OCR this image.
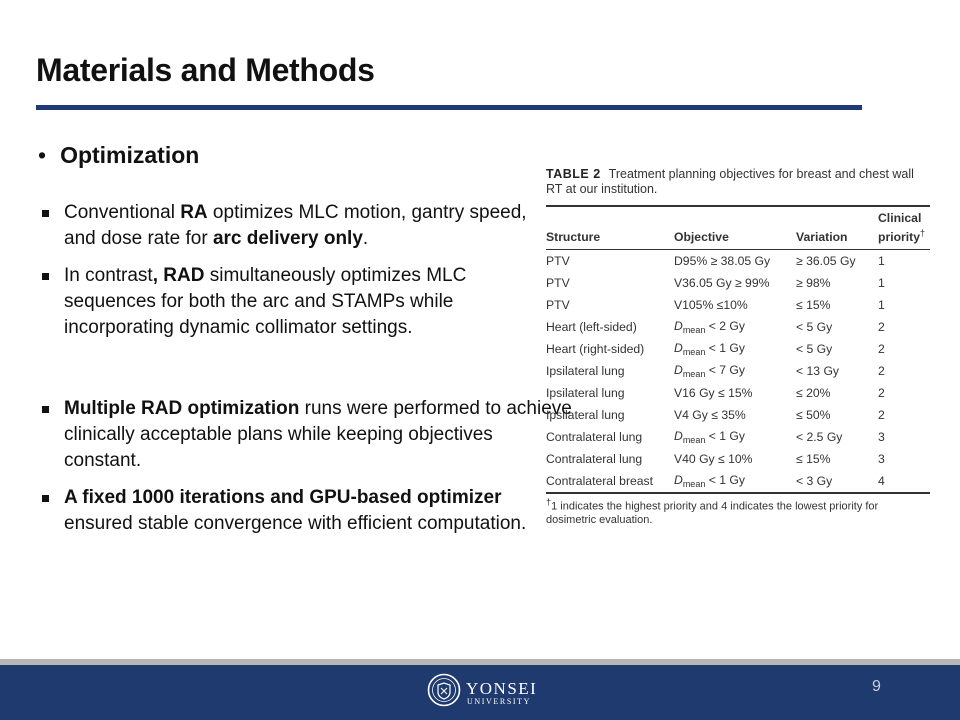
Materials and Methods
• Optimization
Conventional RA optimizes MLC motion, gantry speed, and dose rate for arc delivery only.
In contrast, RAD simultaneously optimizes MLC sequences for both the arc and STAMPs while incorporating dynamic collimator settings.
Multiple RAD optimization runs were performed to achieve clinically acceptable plans while keeping objectives constant.
A fixed 1000 iterations and GPU-based optimizer ensured stable convergence with efficient computation.
TABLE 2 Treatment planning objectives for breast and chest wall RT at our institution.
Structure	Objective	Variation	Clinical priority†
PTV	D95% ≥ 38.05 Gy	≥ 36.05 Gy	1
PTV	V36.05 Gy ≥ 99%	≥ 98%	1
PTV	V105% ≤10%	≤ 15%	1
Heart (left-sided)	$D_{mean} < 2$ Gy	< 5 Gy	2
Heart (right-sided)	$D_{mean} < 1$ Gy	< 5 Gy	2
Ipsilateral lung	$D_{mean} < 7$ Gy	< 13 Gy	2
Ipsilateral lung	V16 Gy ≤ 15%	≤ 20%	2
Ipsilateral lung	V4 Gy ≤ 35%	≤ 50%	2
Contralateral lung	$D_{mean} < 1$ Gy	< 2.5 Gy	3
Contralateral lung	V40 Gy ≤ 10%	≤ 15%	3
Contralateral breast	$D_{mean} < 1$ Gy	< 3 Gy	4
†1 indicates the highest priority and 4 indicates the lowest priority for dosimetric evaluation.
YONSEI
UNIVERSITY
9
